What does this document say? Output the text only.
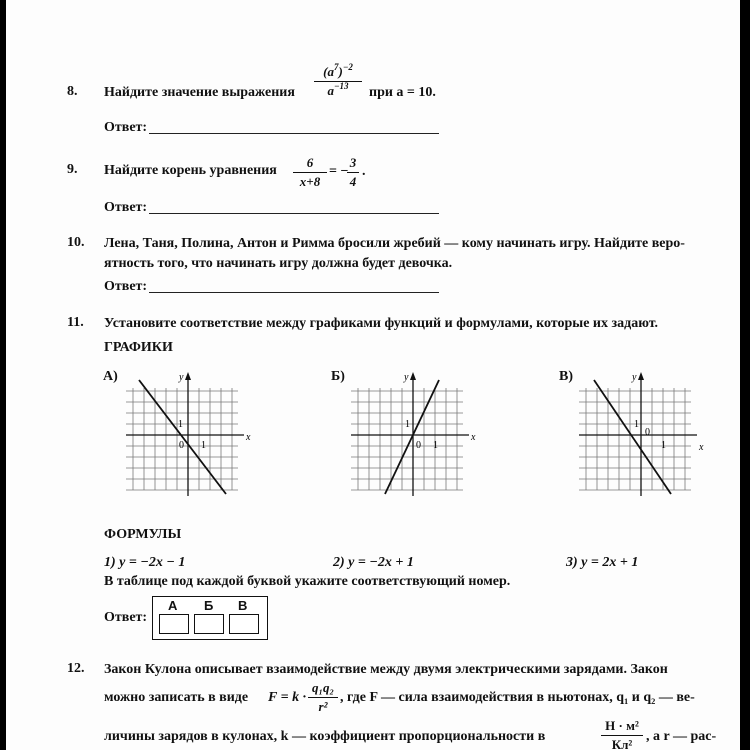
8. Найдите значение выражения
$(a^7)^{-2}$
$a^{-13}$	при a = 10.
Ответ:
9. Найдите корень уравнения
6
x+8
= −
3
4
.
Ответ:
10. Лена, Таня, Полина, Антон и Римма бросили жребий — кому начинать игру. Найдите веро-
ятность того, что начинать игру должна будет девочка.
Ответ:
11. Установите соответствие между графиками функций и формулами, которые их задают.
ГРАФИКИ
А)	Б)	В)
y
x
1
1
0
y
x
1
1
0
y
x
1
1
0
ФОРМУЛЫ
1) y = −2x − 1	2) y = −2x + 1	3) y = 2x + 1
В таблице под каждой буквой укажите соответствующий номер.
Ответ:
А Б В
12. Закон Кулона описывает взаимодействие между двумя электрическими зарядами. Закон
можно записать в виде F = k ·
q₁q₂
r²
, где F — сила взаимодействия в ньютонах, q₁ и q₂ — ве-
личины зарядов в кулонах, k — коэффициент пропорциональности в
Н · м²
Кл²
, а r — рас-
